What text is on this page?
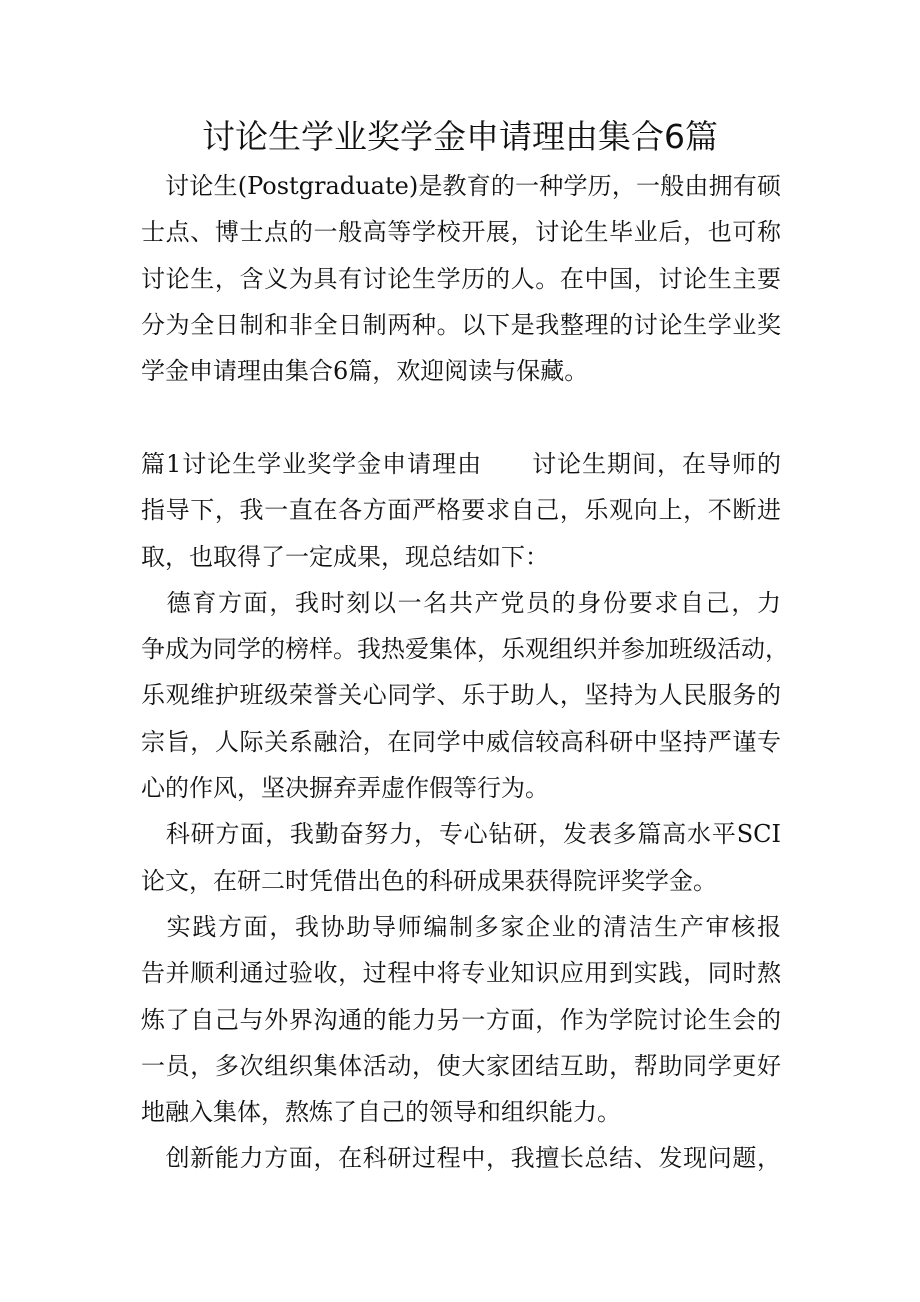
讨论生学业奖学金申请理由集合6篇
　讨论生(Postgraduate)是教育的一种学历，一般由拥有硕
士点、博士点的一般高等学校开展，讨论生毕业后，也可称
讨论生，含义为具有讨论生学历的人。在中国，讨论生主要
分为全日制和非全日制两种。以下是我整理的讨论生学业奖
学金申请理由集合6篇，欢迎阅读与保藏。
篇1讨论生学业奖学金申请理由　　讨论生期间，在导师的
指导下，我一直在各方面严格要求自己，乐观向上，不断进
取，也取得了一定成果，现总结如下：
　德育方面，我时刻以一名共产党员的身份要求自己，力
争成为同学的榜样。我热爱集体，乐观组织并参加班级活动，
乐观维护班级荣誉关心同学、乐于助人，坚持为人民服务的
宗旨，人际关系融洽，在同学中威信较高科研中坚持严谨专
心的作风，坚决摒弃弄虚作假等行为。
　科研方面，我勤奋努力，专心钻研，发表多篇高水平SCI
论文，在研二时凭借出色的科研成果获得院评奖学金。
　实践方面，我协助导师编制多家企业的清洁生产审核报
告并顺利通过验收，过程中将专业知识应用到实践，同时熬
炼了自己与外界沟通的能力另一方面，作为学院讨论生会的
一员，多次组织集体活动，使大家团结互助，帮助同学更好
地融入集体，熬炼了自己的领导和组织能力。
　创新能力方面，在科研过程中，我擅长总结、发现问题，
